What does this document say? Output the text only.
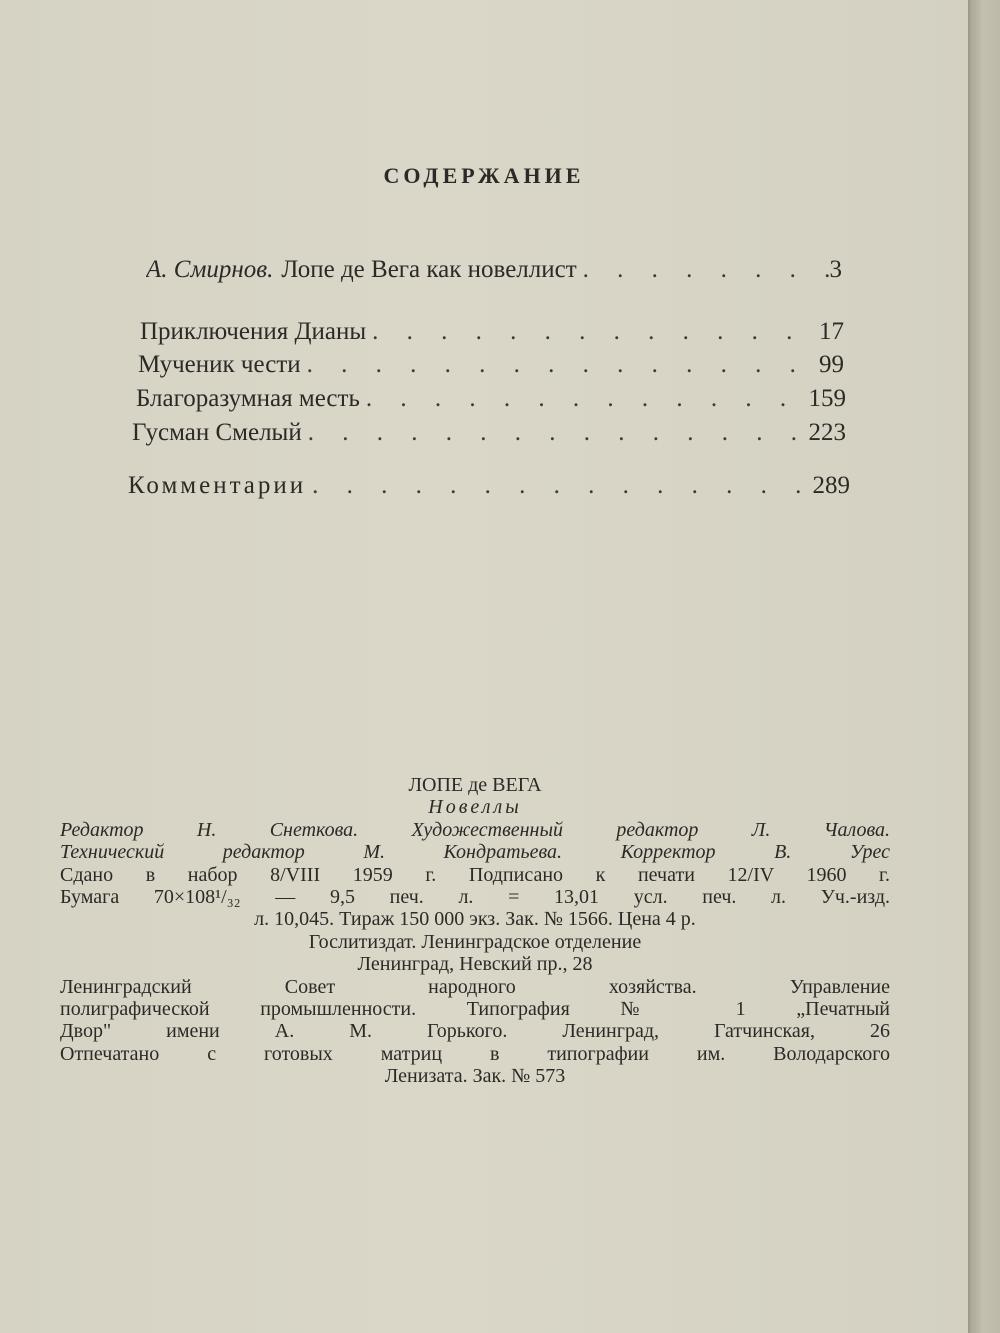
СОДЕРЖАНИЕ
А. Смирнов. Лопе де Вега как новеллист . . .	3
Приключения Дианы . . .	17
Мученик чести . . .	99
Благоразумная месть . . .	159
Гусман Смелый . . .	223
Комментарии . . .	289
ЛОПЕ де ВЕГА
Новеллы
Редактор Н. Снеткова. Художественный редактор Л. Чалова.
Технический редактор М. Кондратьева. Корректор В. Урес
Сдано в набор 8/VIII 1959 г. Подписано к печати 12/IV 1960 г.
Бумага 70×108¹/₃₂ — 9,5 печ. л. = 13,01 усл. печ. л. Уч.-изд.
л. 10,045. Тираж 150 000 экз. Зак. № 1566. Цена 4 р.
Гослитиздат. Ленинградское отделение
Ленинград, Невский пр., 28
Ленинградский Совет народного хозяйства. Управление
полиграфической промышленности. Типография № 1 „Печатный
Двор" имени А. М. Горького. Ленинград, Гатчинская, 26
Отпечатано с готовых матриц в типографии им. Володарского
Ленизата. Зак. № 573
